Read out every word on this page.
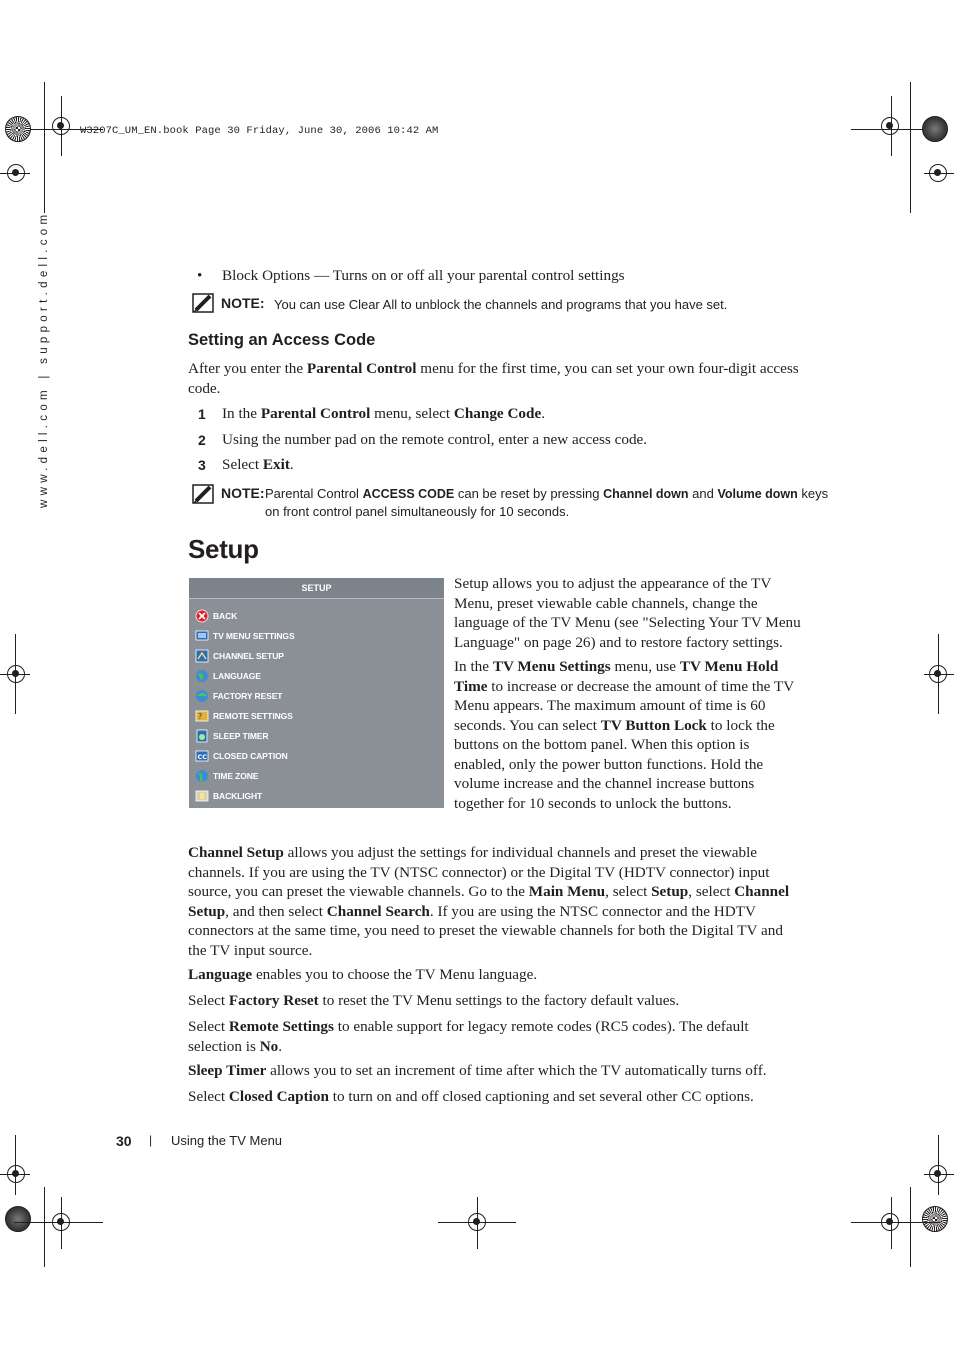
W3207C_UM_EN.book Page 30 Friday, June 30, 2006 10:42 AM
www.dell.com | support.dell.com	• Block Options — Turns on or off all your parental control settings
NOTE: You can use Clear All to unblock the channels and programs that you have set.
Setting an Access Code
After you enter the Parental Control menu for the first time, you can set your own four-digit access
code.
1 In the Parental Control menu, select Change Code.
2 Using the number pad on the remote control, enter a new access code.
3 Select Exit.
NOTE: Parental Control ACCESS CODE can be reset by pressing Channel down and Volume down keys
on front control panel simultaneously for 10 seconds.
Setup
SETUP
BACK
TV MENU SETTINGS
CHANNEL SETUP
LANGUAGE
FACTORY RESET
? REMOTE SETTINGS
SLEEP TIMER
CC CLOSED CAPTION
TIME ZONE
BACKLIGHT
Setup allows you to adjust the appearance of the TV
Menu, preset viewable cable channels, change the
language of the TV Menu (see "Selecting Your TV Menu
Language" on page 26) and to restore factory settings.
In the TV Menu Settings menu, use TV Menu Hold
Time to increase or decrease the amount of time the TV
Menu appears. The maximum amount of time is 60
seconds. You can select TV Button Lock to lock the
buttons on the bottom panel. When this option is
enabled, only the power button functions. Hold the
volume increase and the channel increase buttons
together for 10 seconds to unlock the buttons.
Channel Setup allows you adjust the settings for individual channels and preset the viewable
channels. If you are using the TV (NTSC connector) or the Digital TV (HDTV connector) input
source, you can preset the viewable channels. Go to the Main Menu, select Setup, select Channel
Setup, and then select Channel Search. If you are using the NTSC connector and the HDTV
connectors at the same time, you need to preset the viewable channels for both the Digital TV and
the TV input source.
Language enables you to choose the TV Menu language.
Select Factory Reset to reset the TV Menu settings to the factory default values.
Select Remote Settings to enable support for legacy remote codes (RC5 codes). The default
selection is No.
Sleep Timer allows you to set an increment of time after which the TV automatically turns off.
Select Closed Caption to turn on and off closed captioning and set several other CC options.
30 | Using the TV Menu
